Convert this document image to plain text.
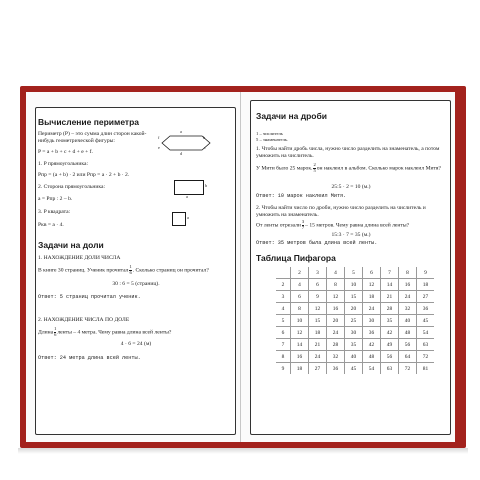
Вычисление периметра
Периметр (P) – это сумма длин сторон какой-нибудь геометрической фигуры:
a
b
c
d
e
f
P = a + b + c + d + e + f.
1. P прямоугольника:
Pпр = (a + b) · 2 или Pпр = a · 2 + b · 2.
2. Сторона прямоугольника:
a
b
a = Pпр : 2 – b.
3. P квадрата:
a
Pкв = a · 4.
Задачи на доли
1. НАХОЖДЕНИЕ ДОЛИ ЧИСЛА
В книге 30 страниц. Ученик прочитал $\frac{1}{6}$ . Сколько страниц он прочитал?
30 : 6 = 5 (страниц).
Ответ: 5 страниц прочитал ученик.
2. НАХОЖДЕНИЕ ЧИСЛА ПО ДОЛЕ
Длина $\frac{1}{6}$ ленты – 4 метра. Чему равна длина всей ленты?
4 · 6 = 24 (м)
Ответ: 24 метра длина всей ленты.
Задачи на дроби
1 – числитель
5 – знаменатель.
1. Чтобы найти дробь числа, нужно число разделить на знаменатель, а потом умножить на числитель.
У Мити было 25 марок. $\frac{2}{5}$ он наклеил в альбом. Сколько марок наклеил Митя?
25:5 · 2 = 10 (м.)
Ответ: 10 марок наклеил Митя.
2. Чтобы найти число по дроби, нужно число разделить на числитель и умножить на знаменатель.
От ленты отрезали $\frac{3}{7} - 15$ метров. Чему равна длина всей ленты?
15:3 · 7 = 35 (м.)
Ответ: 35 метров была длина всей ленты.
Таблица Пифагора
	2	3	4	5	6	7	8	9
2	4	6	8	10	12	14	16	18
3	6	9	12	15	18	21	24	27
4	8	12	16	20	24	28	32	36
5	10	15	20	25	30	35	40	45
6	12	18	24	30	36	42	48	54
7	14	21	28	35	42	49	56	63
8	16	24	32	40	48	56	64	72
9	18	27	36	45	54	63	72	81
